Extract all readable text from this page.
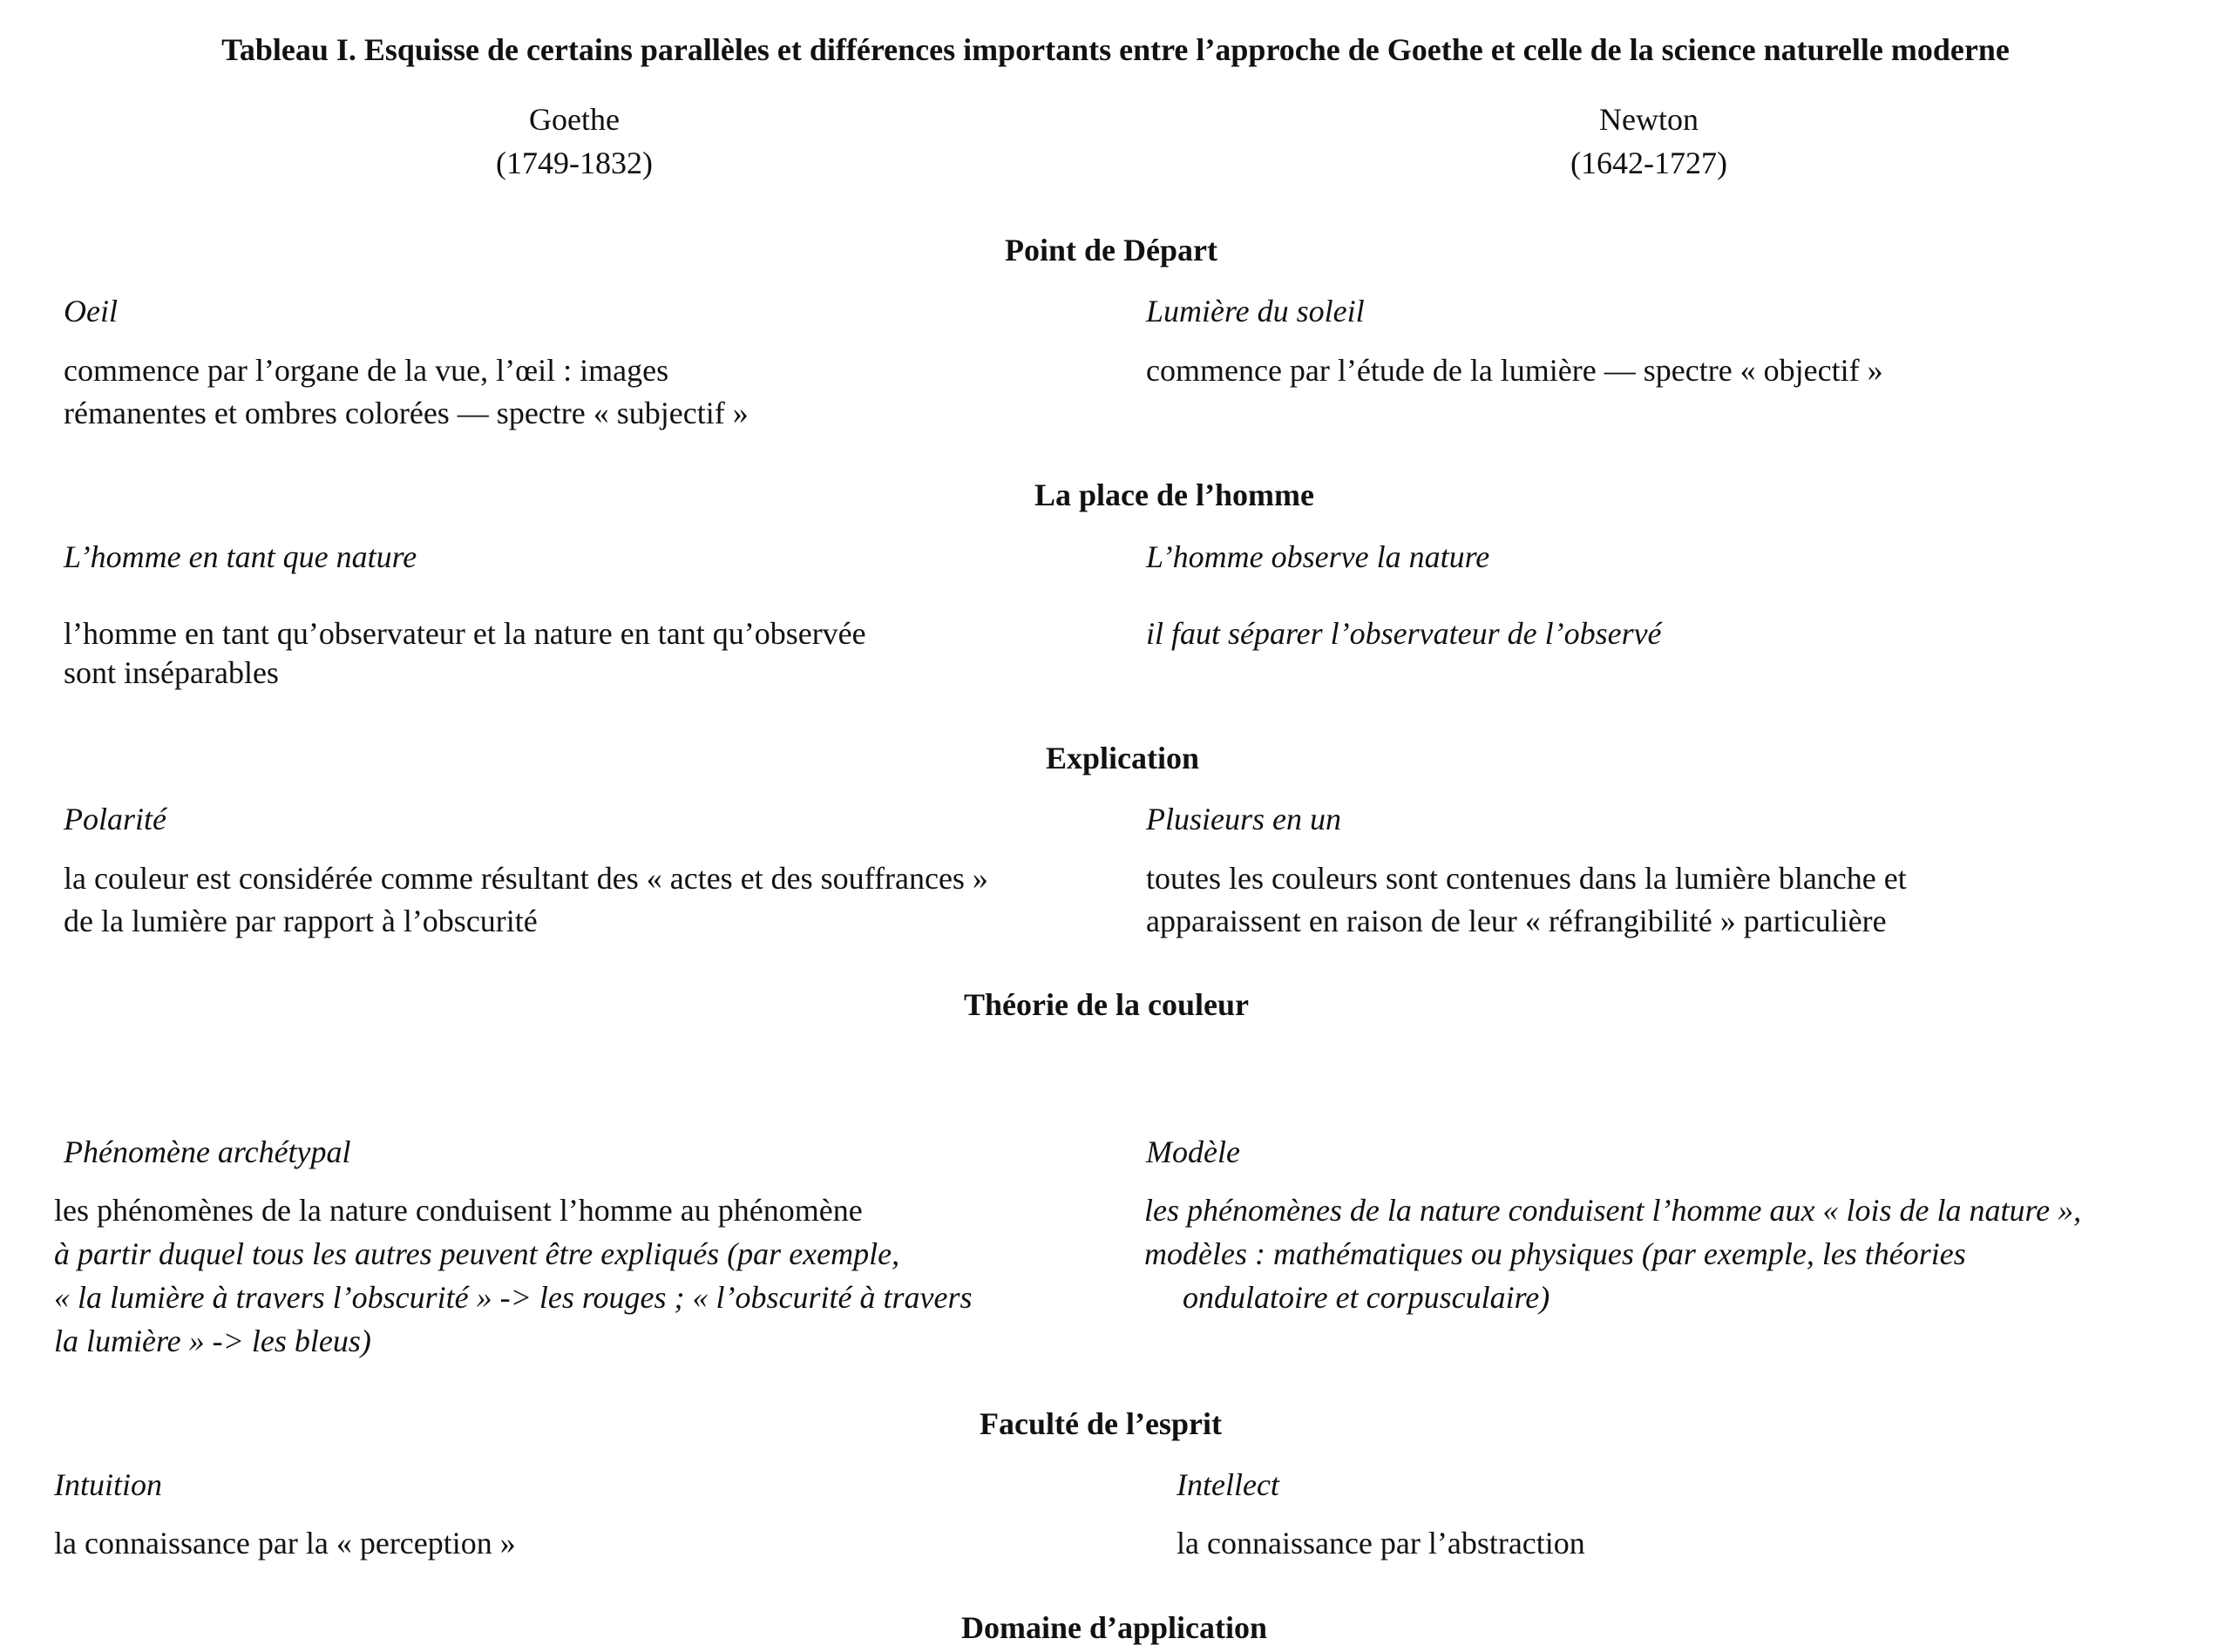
Tableau I. Esquisse de certains parallèles et différences importants entre l’approche de Goethe et celle de la science naturelle moderne

Goethe

(1749-1832)

Newton

(1642-1727)

Point de Départ

Oeil

commence par l’organe de la vue, l’œil : images

rémanentes et ombres colorées — spectre « subjectif »

Lumière du soleil

commence par l’étude de la lumière — spectre « objectif »

La place de l’homme

L’homme en tant que nature

l’homme en tant qu’observateur et la nature en tant qu’observée

sont inséparables

L’homme observe la nature

il faut séparer l’observateur de l’observé

Explication

Polarité

la couleur est considérée comme résultant des « actes et des souffrances »

de la lumière par rapport à l’obscurité

Plusieurs en un

toutes les couleurs sont contenues dans la lumière blanche et

apparaissent en raison de leur « réfrangibilité » particulière

Théorie de la couleur

Phénomène archétypal

les phénomènes de la nature conduisent l’homme au phénomène

à partir duquel tous les autres peuvent être expliqués (par exemple,

« la lumière à travers l’obscurité » -> les rouges ; « l’obscurité à travers

la lumière » -> les bleus)

Modèle

les phénomènes de la nature conduisent l’homme aux « lois de la nature »,

modèles : mathématiques ou physiques (par exemple, les théories

ondulatoire et corpusculaire)

Faculté de l’esprit

Intuition

la connaissance par la « perception »

Intellect

la connaissance par l’abstraction

Domaine d’application
